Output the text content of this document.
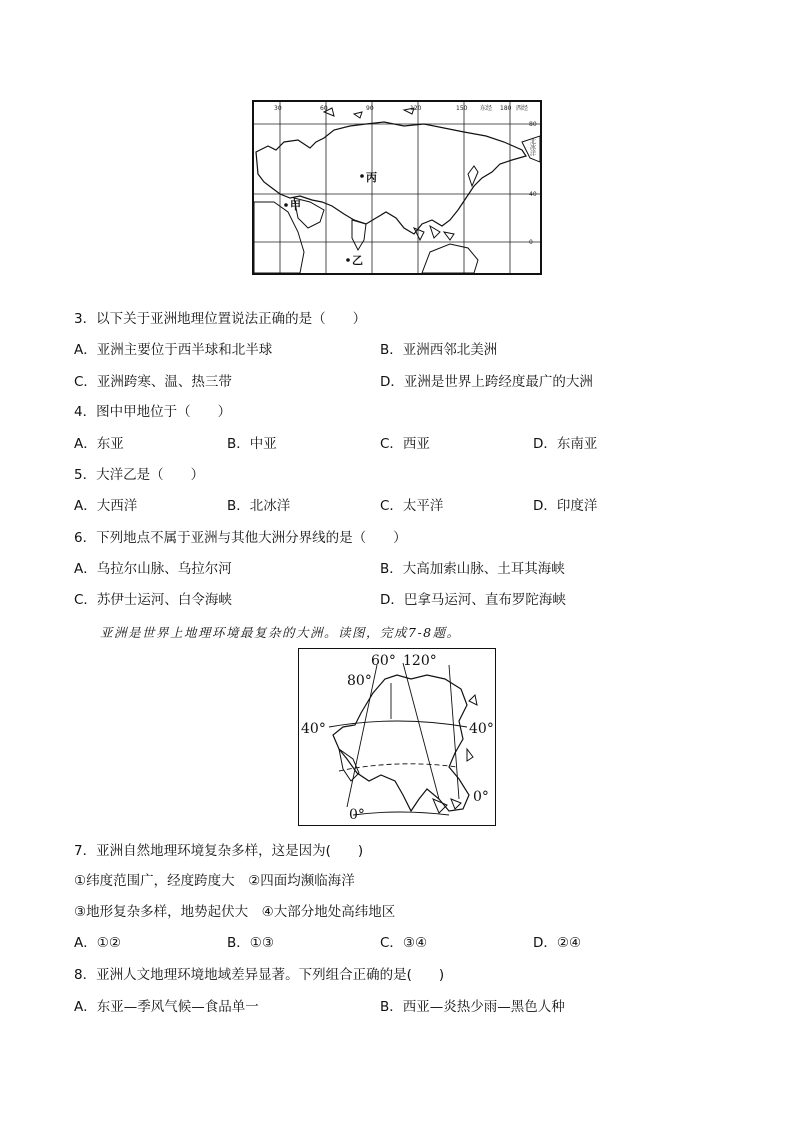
30	60	90	120	150 东经 180 西经
80
40
0
北冰洋
丙
甲
乙
3．以下关于亚洲地理位置说法正确的是（　　）
A．亚洲主要位于西半球和北半球	B．亚洲西邻北美洲
C．亚洲跨寒、温、热三带	D．亚洲是世界上跨经度最广的大洲
4．图中甲地位于（　　）
A．东亚	B．中亚	C．西亚	D．东南亚
5．大洋乙是（　　）
A．大西洋	B．北冰洋	C．太平洋	D．印度洋
6．下列地点不属于亚洲与其他大洲分界线的是（　　）
A．乌拉尔山脉、乌拉尔河	B．大高加索山脉、土耳其海峡
C．苏伊士运河、白令海峡	D．巴拿马运河、直布罗陀海峡
亚洲是世界上地理环境最复杂的大洲。读图，完成7-8题。
60° 120°
80°
40°	40°
0°
0°
7．亚洲自然地理环境复杂多样，这是因为(　　)
①纬度范围广，经度跨度大　②四面均濒临海洋
③地形复杂多样，地势起伏大　④大部分地处高纬地区
A．①②	B．①③	C．③④	D．②④
8．亚洲人文地理环境地域差异显著。下列组合正确的是(　　)
A．东亚—季风气候—食品单一	B．西亚—炎热少雨—黑色人种
